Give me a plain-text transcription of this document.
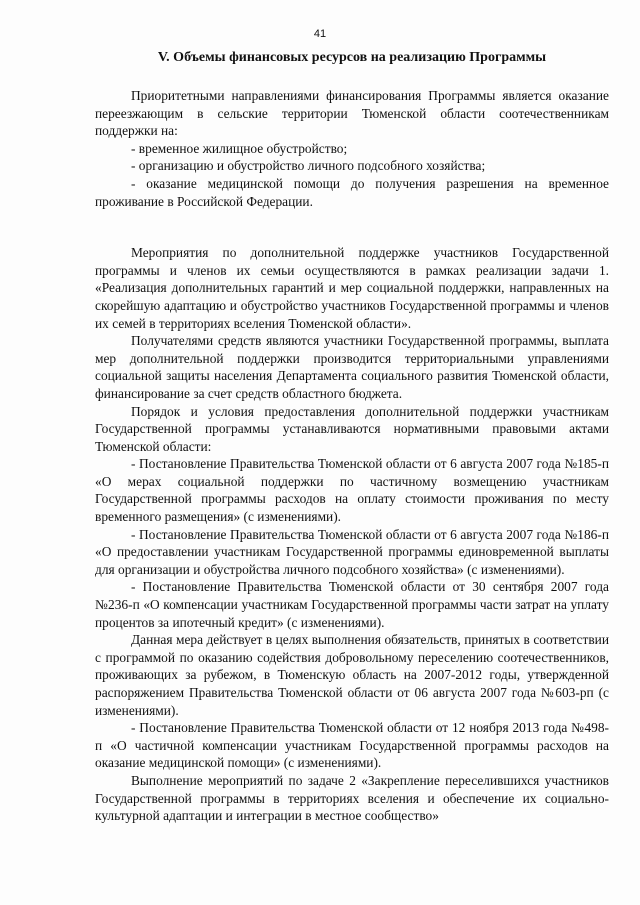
41
V. Объемы финансовых ресурсов на реализацию Программы

Приоритетными направлениями финансирования Программы является оказание переезжающим в сельские территории Тюменской области соотечественникам поддержки на:

- временное жилищное обустройство;

- организацию и обустройство личного подсобного хозяйства;

- оказание медицинской помощи до получения разрешения на временное проживание в Российской Федерации.

Мероприятия по дополнительной поддержке участников Государственной программы и членов их семьи осуществляются в рамках реализации задачи 1. «Реализация дополнительных гарантий и мер социальной поддержки, направленных на скорейшую адаптацию и обустройство участников Государственной программы и членов их семей в территориях вселения Тюменской области».

Получателями средств являются участники Государственной программы, выплата мер дополнительной поддержки производится территориальными управлениями социальной защиты населения Департамента социального развития Тюменской области, финансирование за счет средств областного бюджета.

Порядок и условия предоставления дополнительной поддержки участникам Государственной программы устанавливаются нормативными правовыми актами Тюменской области:

- Постановление Правительства Тюменской области от 6 августа 2007 года №185-п «О мерах социальной поддержки по частичному возмещению участникам Государственной программы расходов на оплату стоимости проживания по месту временного размещения» (с изменениями).

- Постановление Правительства Тюменской области от 6 августа 2007 года №186-п «О предоставлении участникам Государственной программы единовременной выплаты для организации и обустройства личного подсобного хозяйства» (с изменениями).

- Постановление Правительства Тюменской области от 30 сентября 2007 года №236-п «О компенсации участникам Государственной программы части затрат на уплату процентов за ипотечный кредит» (с изменениями).

Данная мера действует в целях выполнения обязательств, принятых в соответствии с программой по оказанию содействия добровольному переселению соотечественников, проживающих за рубежом, в Тюменскую область на 2007-2012 годы, утвержденной распоряжением Правительства Тюменской области от 06 августа 2007 года №603-рп (с изменениями).

- Постановление Правительства Тюменской области от 12 ноября 2013 года №498-п «О частичной компенсации участникам Государственной программы расходов на оказание медицинской помощи» (с изменениями).

Выполнение мероприятий по задаче 2 «Закрепление переселившихся участников Государственной программы в территориях вселения и обеспечение их социально-культурной адаптации и интеграции в местное сообщество»
